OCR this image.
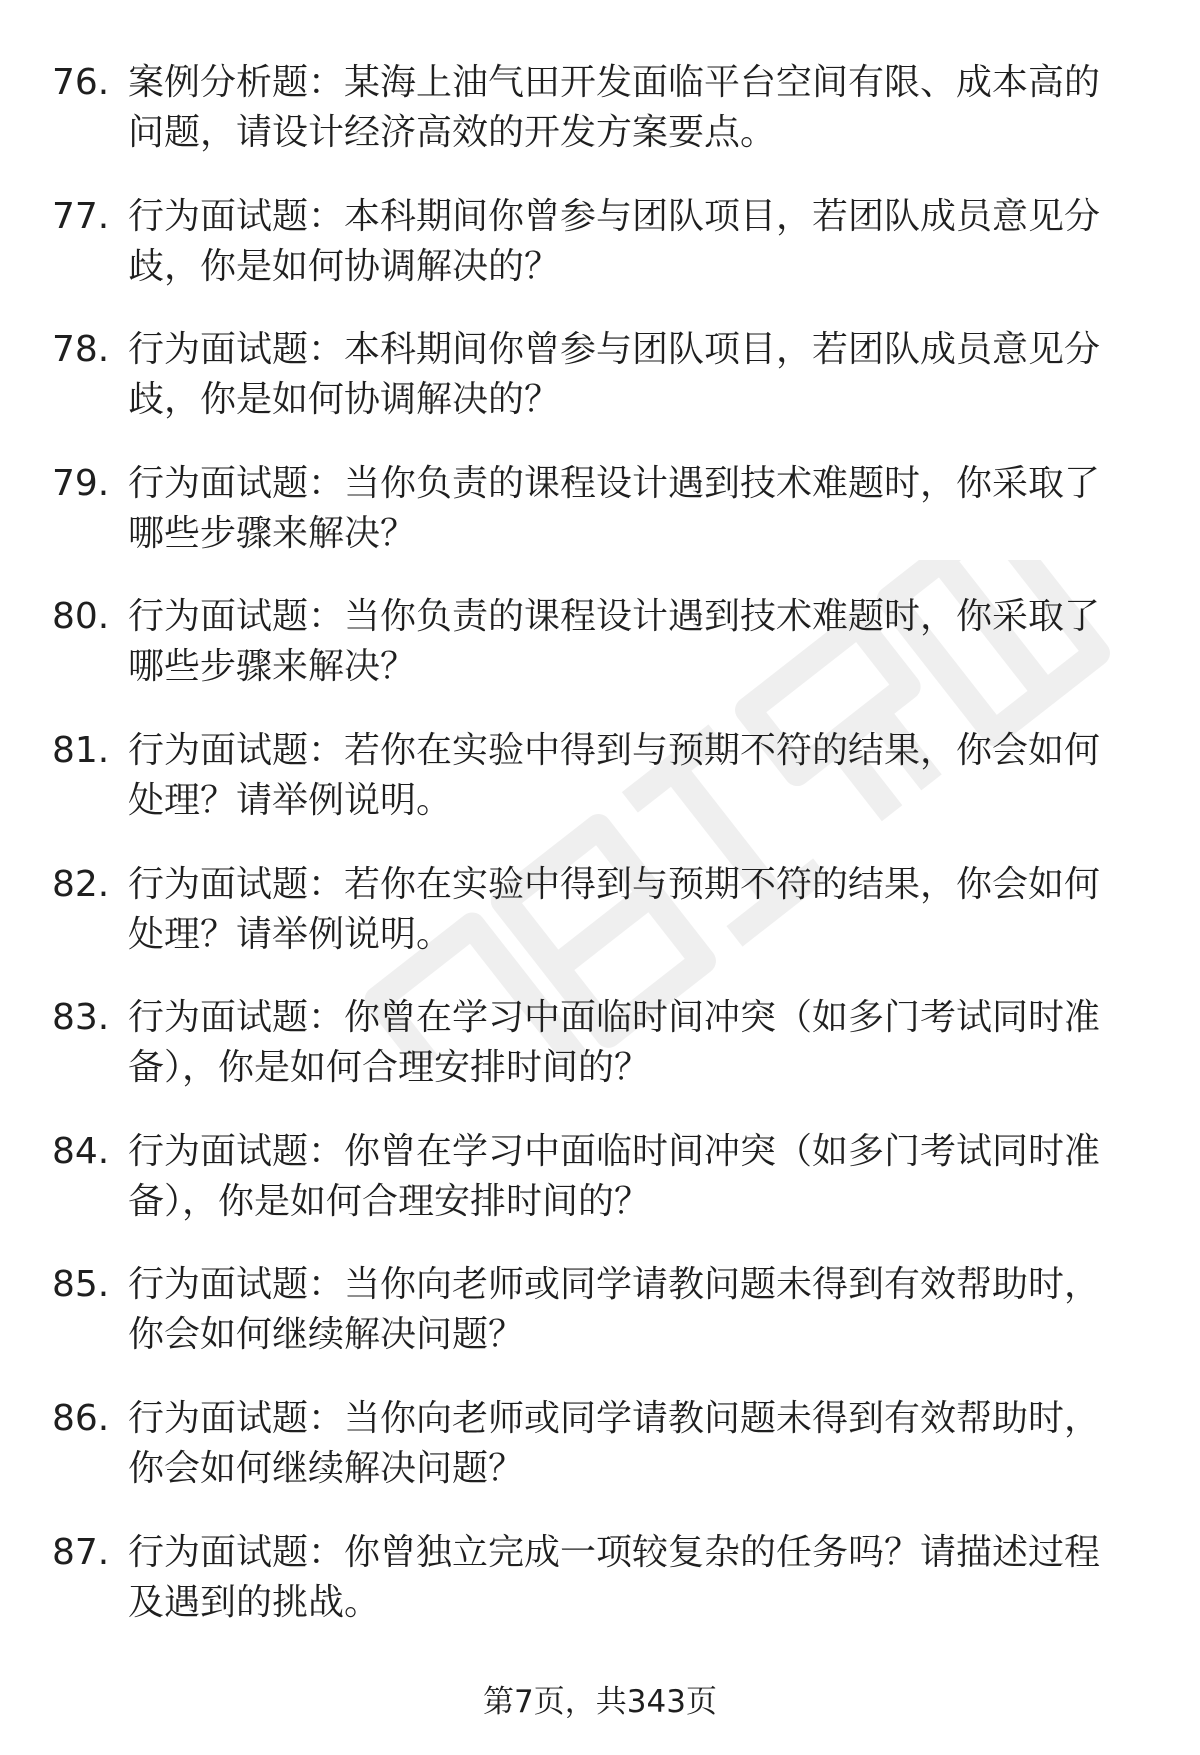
76. 案例分析题：某海上油气田开发面临平台空间有限、成本高的问题，请设计经济高效的开发方案要点。
77. 行为面试题：本科期间你曾参与团队项目，若团队成员意见分歧，你是如何协调解决的？
78. 行为面试题：本科期间你曾参与团队项目，若团队成员意见分歧，你是如何协调解决的？
79. 行为面试题：当你负责的课程设计遇到技术难题时，你采取了哪些步骤来解决？
80. 行为面试题：当你负责的课程设计遇到技术难题时，你采取了哪些步骤来解决？
81. 行为面试题：若你在实验中得到与预期不符的结果，你会如何处理？请举例说明。
82. 行为面试题：若你在实验中得到与预期不符的结果，你会如何处理？请举例说明。
83. 行为面试题：你曾在学习中面临时间冲突（如多门考试同时准备），你是如何合理安排时间的？
84. 行为面试题：你曾在学习中面临时间冲突（如多门考试同时准备），你是如何合理安排时间的？
85. 行为面试题：当你向老师或同学请教问题未得到有效帮助时，你会如何继续解决问题？
86. 行为面试题：当你向老师或同学请教问题未得到有效帮助时，你会如何继续解决问题？
87. 行为面试题：你曾独立完成一项较复杂的任务吗？请描述过程及遇到的挑战。
第7页，共343页
